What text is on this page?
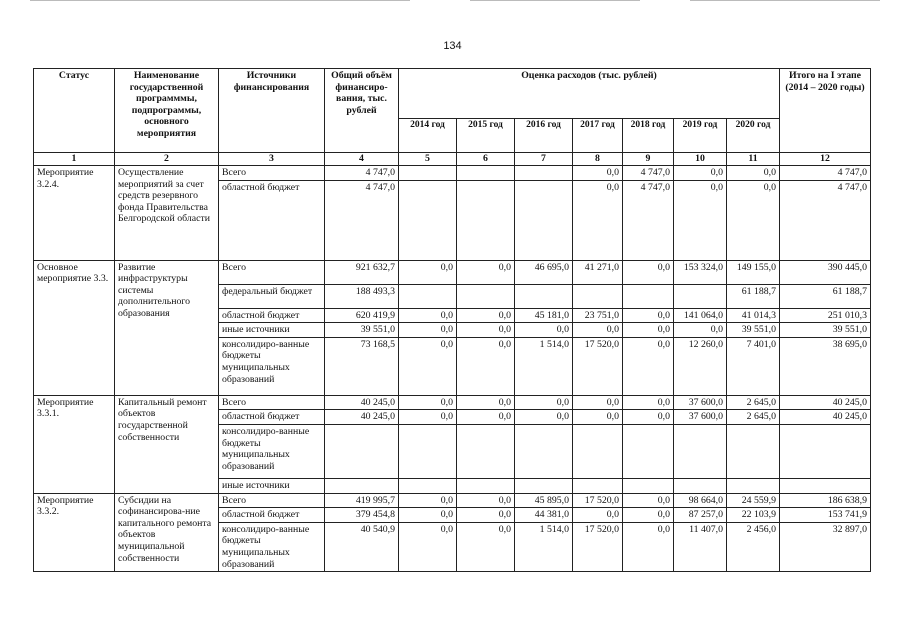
134
Статус	Наименование государственной программмы, подпрограммы, основного мероприятия	Источники финансирования	Общий объём финансиро-вания, тыс. рублей	Оценка расходов (тыс. рублей)							Итого на I этапе (2014 – 2020 годы)
				2014 год	2015 год	2016 год	2017 год	2018 год	2019 год	2020 год	
1	2	3	4	5	6	7	8	9	10	11	12
Мероприятие 3.2.4.	Осуществление мероприятий за счет средств резервного фонда Правительства Белгородской области	Всего	4 747,0				0,0	4 747,0	0,0	0,0	4 747,0
		областной бюджет	4 747,0				0,0	4 747,0	0,0	0,0	4 747,0
Основное мероприятие 3.3.	Развитие инфраструктуры системы дополнительного образования	Всего	921 632,7	0,0	0,0	46 695,0	41 271,0	0,0	153 324,0	149 155,0	390 445,0
		федеральный бюджет	188 493,3							61 188,7	61 188,7
		областной бюджет	620 419,9	0,0	0,0	45 181,0	23 751,0	0,0	141 064,0	41 014,3	251 010,3
		иные источники	39 551,0	0,0	0,0	0,0	0,0	0,0	0,0	39 551,0	39 551,0
		консолидиро-ванные бюджеты муниципальных образований	73 168,5	0,0	0,0	1 514,0	17 520,0	0,0	12 260,0	7 401,0	38 695,0
Мероприятие 3.3.1.	Капитальный ремонт объектов государственной собственности	Всего	40 245,0	0,0	0,0	0,0	0,0	0,0	37 600,0	2 645,0	40 245,0
		областной бюджет	40 245,0	0,0	0,0	0,0	0,0	0,0	37 600,0	2 645,0	40 245,0
		консолидиро-ванные бюджеты муниципальных образований									
		иные источники									
Мероприятие 3.3.2.	Субсидии на софинансирова-ние капитального ремонта объектов муниципальной собственности	Всего	419 995,7	0,0	0,0	45 895,0	17 520,0	0,0	98 664,0	24 559,9	186 638,9
		областной бюджет	379 454,8	0,0	0,0	44 381,0	0,0	0,0	87 257,0	22 103,9	153 741,9
		консолидиро-ванные бюджеты муниципальных образований	40 540,9	0,0	0,0	1 514,0	17 520,0	0,0	11 407,0	2 456,0	32 897,0
